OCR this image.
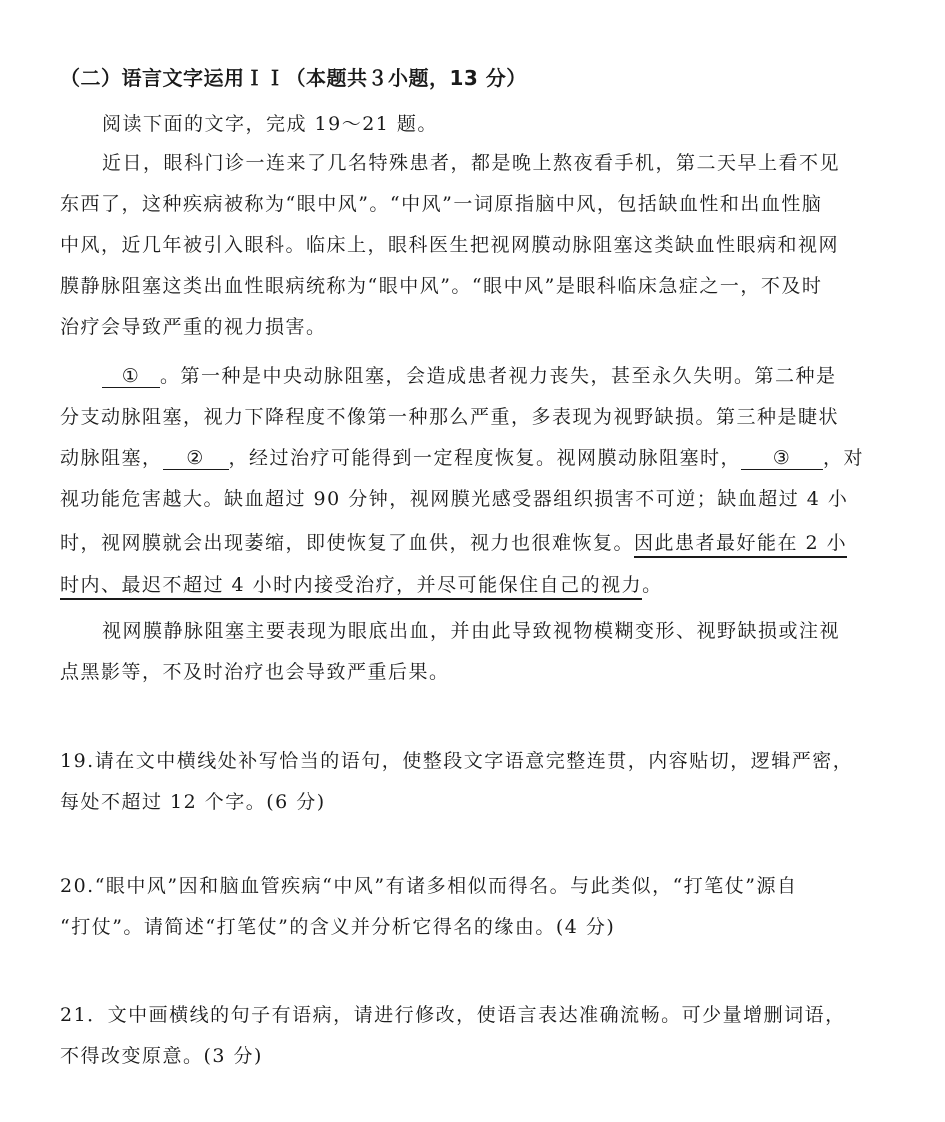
（二）语言文字运用ＩＩ（本题共３小题，13 分）
阅读下面的文字，完成 19～21 题。
近日，眼科门诊一连来了几名特殊患者，都是晚上熬夜看手机，第二天早上看不见
东西了，这种疾病被称为“眼中风”。“中风”一词原指脑中风，包括缺血性和出血性脑
中风，近几年被引入眼科。临床上，眼科医生把视网膜动脉阻塞这类缺血性眼病和视网
膜静脉阻塞这类出血性眼病统称为“眼中风”。“眼中风”是眼科临床急症之一，不及时
治疗会导致严重的视力损害。
① 。第一种是中央动脉阻塞，会造成患者视力丧失，甚至永久失明。第二种是
分支动脉阻塞，视力下降程度不像第一种那么严重，多表现为视野缺损。第三种是睫状
动脉阻塞， ② ，经过治疗可能得到一定程度恢复。视网膜动脉阻塞时， ③ ，对
视功能危害越大。缺血超过 90 分钟，视网膜光感受器组织损害不可逆；缺血超过 4 小
时，视网膜就会出现萎缩，即使恢复了血供，视力也很难恢复。因此患者最好能在 2 小
时内、最迟不超过 4 小时内接受治疗，并尽可能保住自己的视力。
视网膜静脉阻塞主要表现为眼底出血，并由此导致视物模糊变形、视野缺损或注视
点黑影等，不及时治疗也会导致严重后果。
19.请在文中横线处补写恰当的语句，使整段文字语意完整连贯，内容贴切，逻辑严密，
每处不超过 12 个字。(6 分)
20.“眼中风”因和脑血管疾病“中风”有诸多相似而得名。与此类似，“打笔仗”源自
“打仗”。请简述“打笔仗”的含义并分析它得名的缘由。(4 分)
21．文中画横线的句子有语病，请进行修改，使语言表达准确流畅。可少量增删词语，
不得改变原意。(3 分)
